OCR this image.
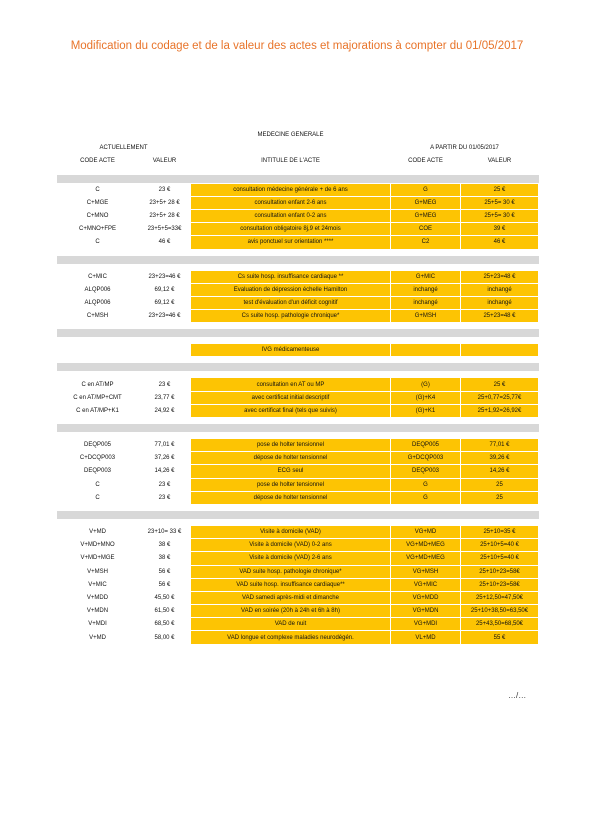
Modification du codage et de la valeur des actes et majorations à compter du 01/05/2017
		MEDECINE GENERALE		
ACTUELLEMENT			A PARTIR DU 01/05/2017	
CODE ACTE	VALEUR	INTITULE DE L'ACTE	CODE ACTE	VALEUR

C	23 €	consultation médecine générale + de 6 ans	G	25 €
C+MGE	23+5+ 28 €	consultation enfant 2-6 ans	G+MEG	25+5= 30 €
C+MNO	23+5+ 28 €	consultation enfant 0-2 ans	G+MEG	25+5= 30 €
C+MNO+FPE	23+5+5=33€	consultation obligatoire 8j,9 et 24mois	COE	39 €
C	46 €	avis ponctuel sur orientation ****	C2	46 €

C+MIC	23+23=46 €	Cs suite hosp. insuffisance cardiaque **	G+MIC	25+23=48 €
ALQP006	69,12 €	Evaluation de dépression échelle Hamilton	inchangé	inchangé
ALQP006	69,12 €	test d'évaluation d'un déficit cognitif	inchangé	inchangé
C+MSH	23+23=46 €	Cs suite hosp. pathologie chronique*	G+MSH	25+23=48 €

		IVG médicamenteuse		

C en AT/MP	23 €	consultation en AT ou MP	(G)	25 €
C en AT/MP+CMT	23,77 €	avec certificat initial descriptif	(G)+K4	25+0,77=25,77€
C en AT/MP+K1	24,92 €	avec certificat final (tels que suivis)	(G)+K1	25+1,92=26,92€

DEQP005	77,01 €	pose de holter tensionnel	DEQP005	77,01 €
C+DCQP003	37,26 €	dépose de holter tensionnel	G+DCQP003	39,26 €
DEQP003	14,26 €	ECG seul	DEQP003	14,26 €
C	23 €	pose de holter tensionnel	G	25
C	23 €	dépose de holter tensionnel	G	25

V+MD	23+10= 33 €	Visite à domicile (VAD)	VG+MD	25+10=35 €
V+MD+MNO	38 €	Visite à domicile (VAD) 0-2 ans	VG+MD+MEG	25+10+5=40 €
V+MD+MGE	38 €	Visite à domicile (VAD) 2-6 ans	VG+MD+MEG	25+10+5=40 €
V+MSH	56 €	VAD suite hosp. pathologie chronique*	VG+MSH	25+10+23=58€
V+MIC	56 €	VAD suite hosp. insuffisance cardiaque**	VG+MIC	25+10+23=58€
V+MDD	45,50 €	VAD samedi après-midi et dimanche	VG+MDD	25+12,50=47,50€
V+MDN	61,50 €	VAD en soirée (20h à 24h et 6h à 8h)	VG+MDN	25+10+38,50=63,50€
V+MDI	68,50 €	VAD de nuit	VG+MDI	25+43,50=68,50€
V+MD	58,00 €	VAD longue et complexe maladies neurodégén.	VL+MD	55 €
…/…
